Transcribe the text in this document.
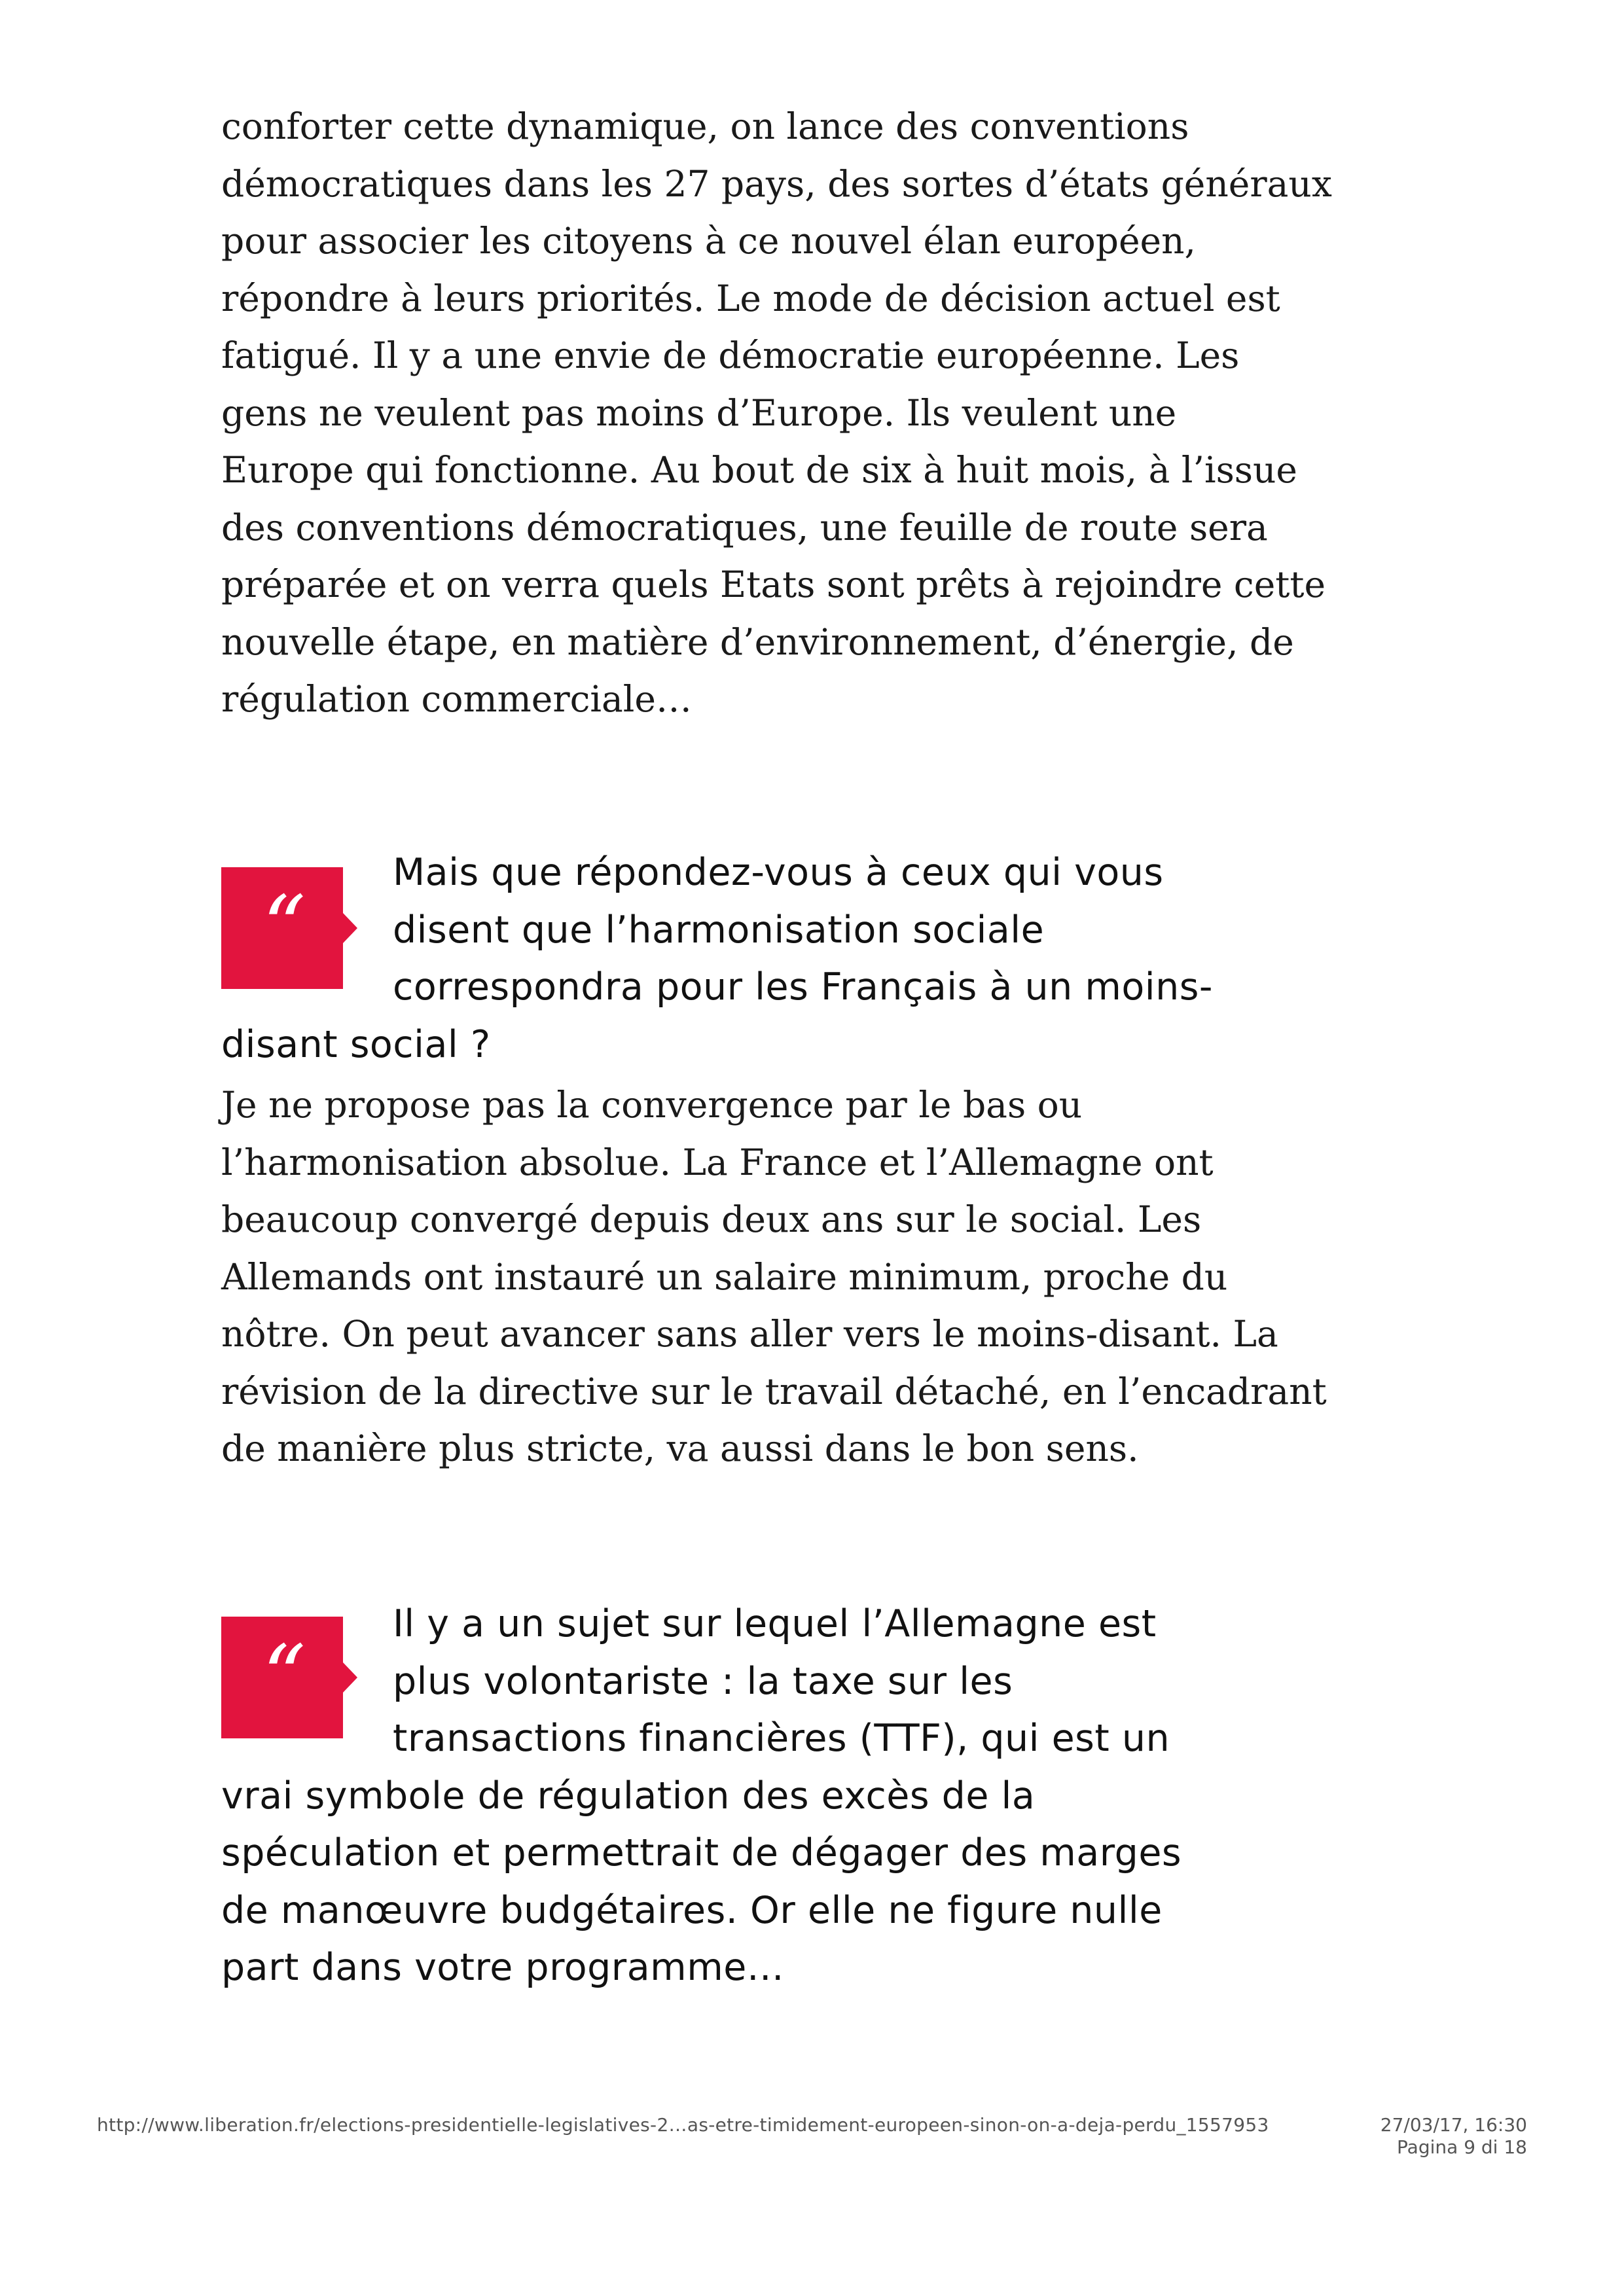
conforter cette dynamique, on lance des conventions
démocratiques dans les 27 pays, des sortes d’états généraux
pour associer les citoyens à ce nouvel élan européen,
répondre à leurs priorités. Le mode de décision actuel est
fatigué. Il y a une envie de démocratie européenne. Les
gens ne veulent pas moins d’Europe. Ils veulent une
Europe qui fonctionne. Au bout de six à huit mois, à l’issue
des conventions démocratiques, une feuille de route sera
préparée et on verra quels Etats sont prêts à rejoindre cette
nouvelle étape, en matière d’environnement, d’énergie, de
régulation commerciale…
“
Mais que répondez-vous à ceux qui vous
disent que l’harmonisation sociale
correspondra pour les Français à un moins-
disant social ?
Je ne propose pas la convergence par le bas ou
l’harmonisation absolue. La France et l’Allemagne ont
beaucoup convergé depuis deux ans sur le social. Les
Allemands ont instauré un salaire minimum, proche du
nôtre. On peut avancer sans aller vers le moins-disant. La
révision de la directive sur le travail détaché, en l’encadrant
de manière plus stricte, va aussi dans le bon sens.
“
Il y a un sujet sur lequel l’Allemagne est
plus volontariste : la taxe sur les
transactions financières (TTF), qui est un
vrai symbole de régulation des excès de la
spéculation et permettrait de dégager des marges
de manœuvre budgétaires. Or elle ne figure nulle
part dans votre programme…
http://www.liberation.fr/elections-presidentielle-legislatives-2…as-etre-timidement-europeen-sinon-on-a-deja-perdu_1557953	27/03/17, 16:30
Pagina 9 di 18
